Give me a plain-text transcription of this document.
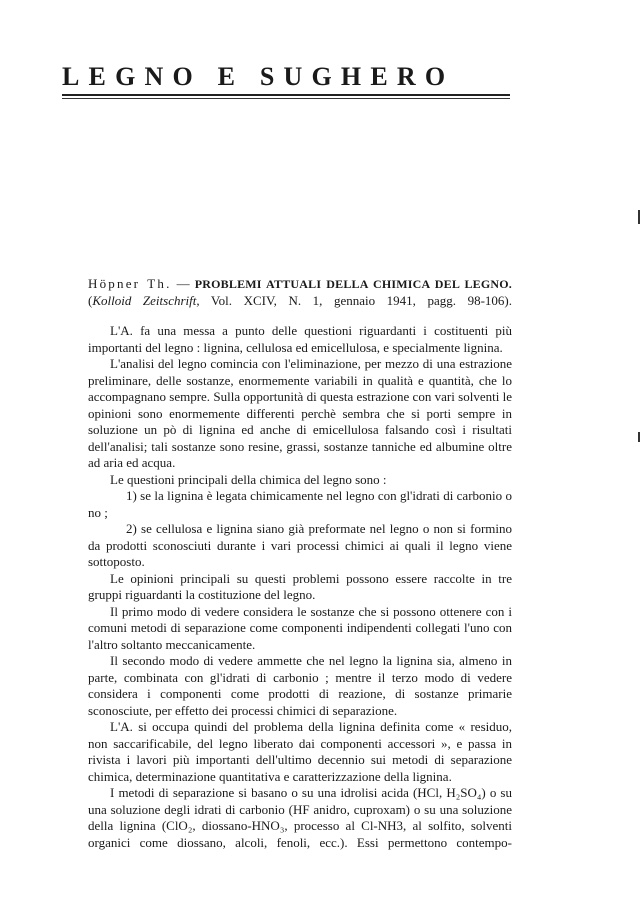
LEGNO E SUGHERO

Höpner Th. — PROBLEMI ATTUALI DELLA CHIMICA DEL LEGNO.

(Kolloid Zeitschrift, Vol. XCIV, N. 1, gennaio 1941, pagg. 98-106).

L'A. fa una messa a punto delle questioni riguardanti i costituenti più importanti del legno : lignina, cellulosa ed emicellulosa, e specialmente lignina.

L'analisi del legno comincia con l'eliminazione, per mezzo di una estrazione preliminare, delle sostanze, enormemente variabili in qualità e quantità, che lo accompagnano sempre. Sulla opportunità di questa estrazione con vari solventi le opinioni sono enormemente differenti perchè sembra che si porti sempre in soluzione un pò di lignina ed anche di emicellulosa falsando così i risultati dell'analisi; tali sostanze sono resine, grassi, sostanze tanniche ed albumine oltre ad aria ed acqua.

Le questioni principali della chimica del legno sono :

1) se la lignina è legata chimicamente nel legno con gl'idrati di carbonio o no ;

2) se cellulosa e lignina siano già preformate nel legno o non si formino da prodotti sconosciuti durante i vari processi chimici ai quali il legno viene sottoposto.

Le opinioni principali su questi problemi possono essere raccolte in tre gruppi riguardanti la costituzione del legno.

Il primo modo di vedere considera le sostanze che si possono ottenere con i comuni metodi di separazione come componenti indipendenti collegati l'uno con l'altro soltanto meccanicamente.

Il secondo modo di vedere ammette che nel legno la lignina sia, almeno in parte, combinata con gl'idrati di carbonio ; mentre il terzo modo di vedere considera i componenti come prodotti di reazione, di sostanze primarie sconosciute, per effetto dei processi chimici di separazione.

L'A. si occupa quindi del problema della lignina definita come « residuo, non saccarificabile, del legno liberato dai componenti accessori », e passa in rivista i lavori più importanti dell'ultimo decennio sui metodi di separazione chimica, determinazione quantitativa e caratterizzazione della lignina.

I metodi di separazione si basano o su una idrolisi acida (HCl, H₂SO₄) o su una soluzione degli idrati di carbonio (HF anidro, cuproxam) o su una soluzione della lignina (ClO₂, diossano-HNO₃, processo al Cl-NH3, al solfito, solventi organici come diossano, alcoli, fenoli, ecc.). Essi permettono contempo-
